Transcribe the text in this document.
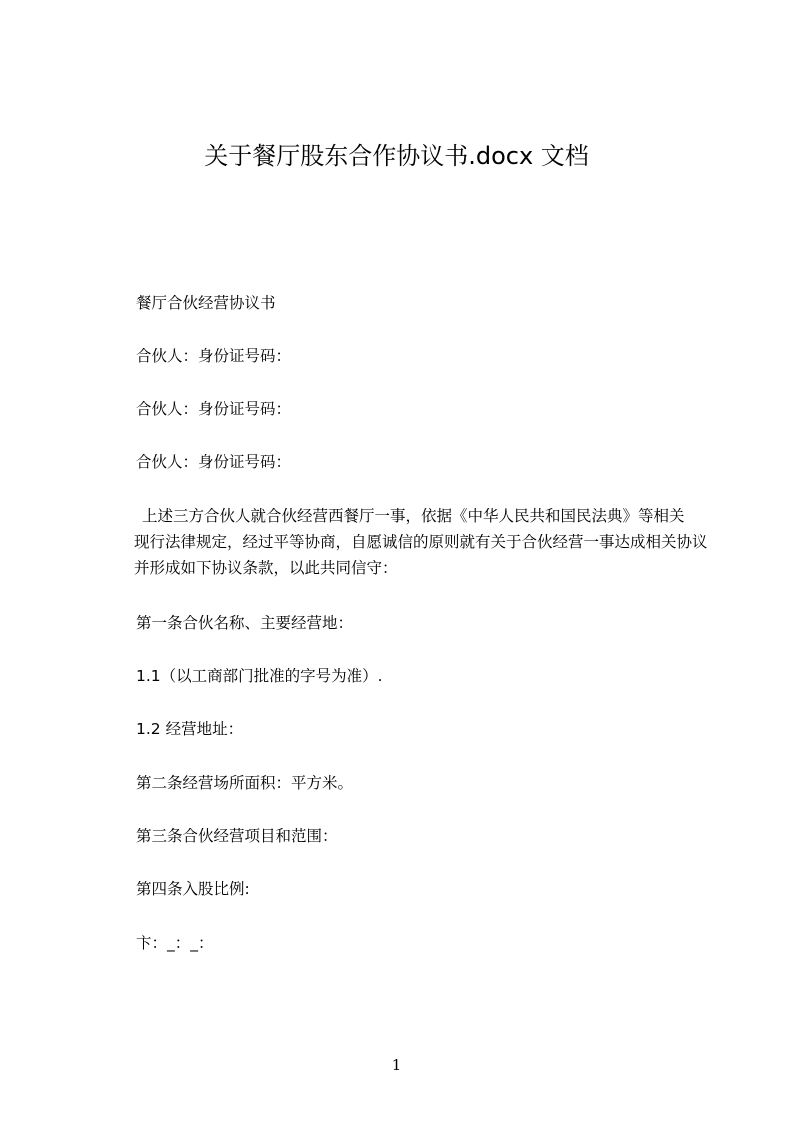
关于餐厅股东合作协议书.docx 文档
餐厅合伙经营协议书
合伙人：身份证号码：
合伙人：身份证号码：
合伙人：身份证号码：
上述三方合伙人就合伙经营西餐厅一事，依据《中华人民共和国民法典》等相关
现行法律规定，经过平等协商，自愿诚信的原则就有关于合伙经营一事达成相关协议
并形成如下协议条款，以此共同信守：
第一条合伙名称、主要经营地：
1.1（以工商部门批准的字号为准）.
1.2 经营地址：
第二条经营场所面积：平方米。
第三条合伙经营项目和范围：
第四条入股比例:
卞：_：_：
1
